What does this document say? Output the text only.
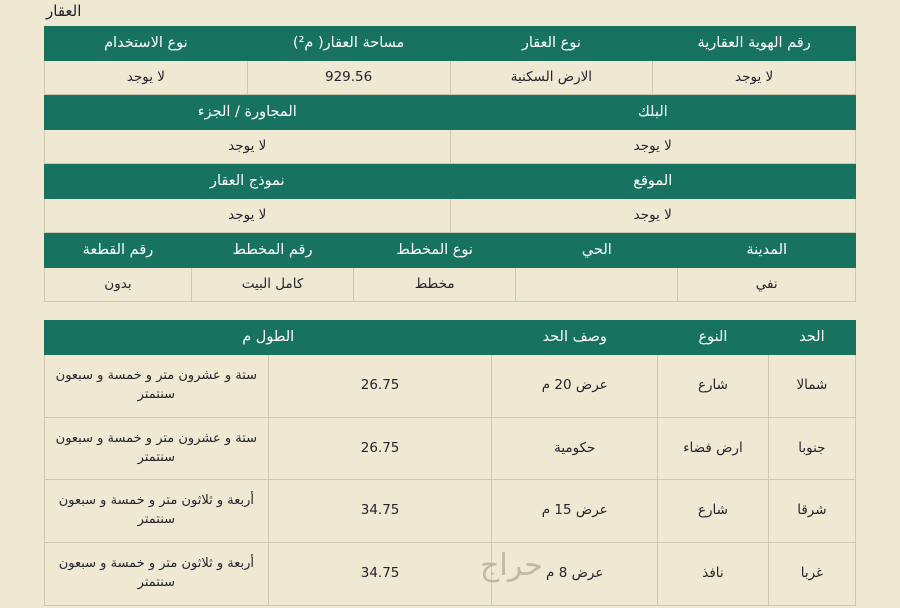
العقار
رقم الهوية العقارية	نوع العقار	مساحة العقار( م²)	نوع الاستخدام
لا يوجد	الارض السكنية	929.56	لا يوجد
البلك	المجاورة / الجزء
لا يوجد	لا يوجد
الموقع	نموذج العقار
لا يوجد	لا يوجد
المدينة	الحي	نوع المخطط	رقم المخطط	رقم القطعة
نفي		مخطط	كامل البيت	بدون
الحد	النوع	وصف الحد	الطول م	
شمالا	شارع	عرض 20 م	26.75	ستة و عشرون متر و خمسة و سبعون سنتمتر
جنوبا	ارض فضاء	حكومية	26.75	ستة و عشرون متر و خمسة و سبعون سنتمتر
شرقا	شارع	عرض 15 م	34.75	أربعة و ثلاثون متر و خمسة و سبعون سنتمتر
غربا	نافذ	عرض 8 م	34.75	أربعة و ثلاثون متر و خمسة و سبعون سنتمتر	حراج
